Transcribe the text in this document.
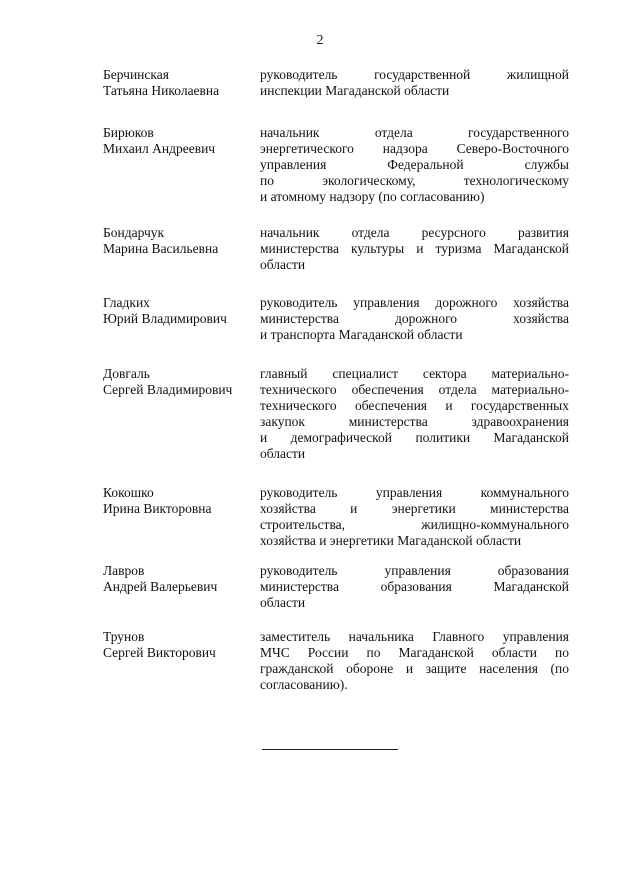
2
Берчинская
Татьяна Николаевна
руководитель государственной жилищной
инспекции Магаданской области
Бирюков
Михаил Андреевич
начальник отдела государственного
энергетического надзора Северо-Восточного
управления Федеральной службы
по экологическому, технологическому
и атомному надзору (по согласованию)
Бондарчук
Марина Васильевна
начальник отдела ресурсного развития
министерства культуры и туризма Магаданской
области
Гладких
Юрий Владимирович
руководитель управления дорожного хозяйства
министерства дорожного хозяйства
и транспорта Магаданской области
Довгаль
Сергей Владимирович
главный специалист сектора материально-
технического обеспечения отдела материально-
технического обеспечения и государственных
закупок министерства здравоохранения
и демографической политики Магаданской
области
Кокошко
Ирина Викторовна
руководитель управления коммунального
хозяйства и энергетики министерства
строительства, жилищно-коммунального
хозяйства и энергетики Магаданской области
Лавров
Андрей Валерьевич
руководитель управления образования
министерства образования Магаданской
области
Трунов
Сергей Викторович
заместитель начальника Главного управления
МЧС России по Магаданской области по
гражданской обороне и защите населения (по
согласованию).
